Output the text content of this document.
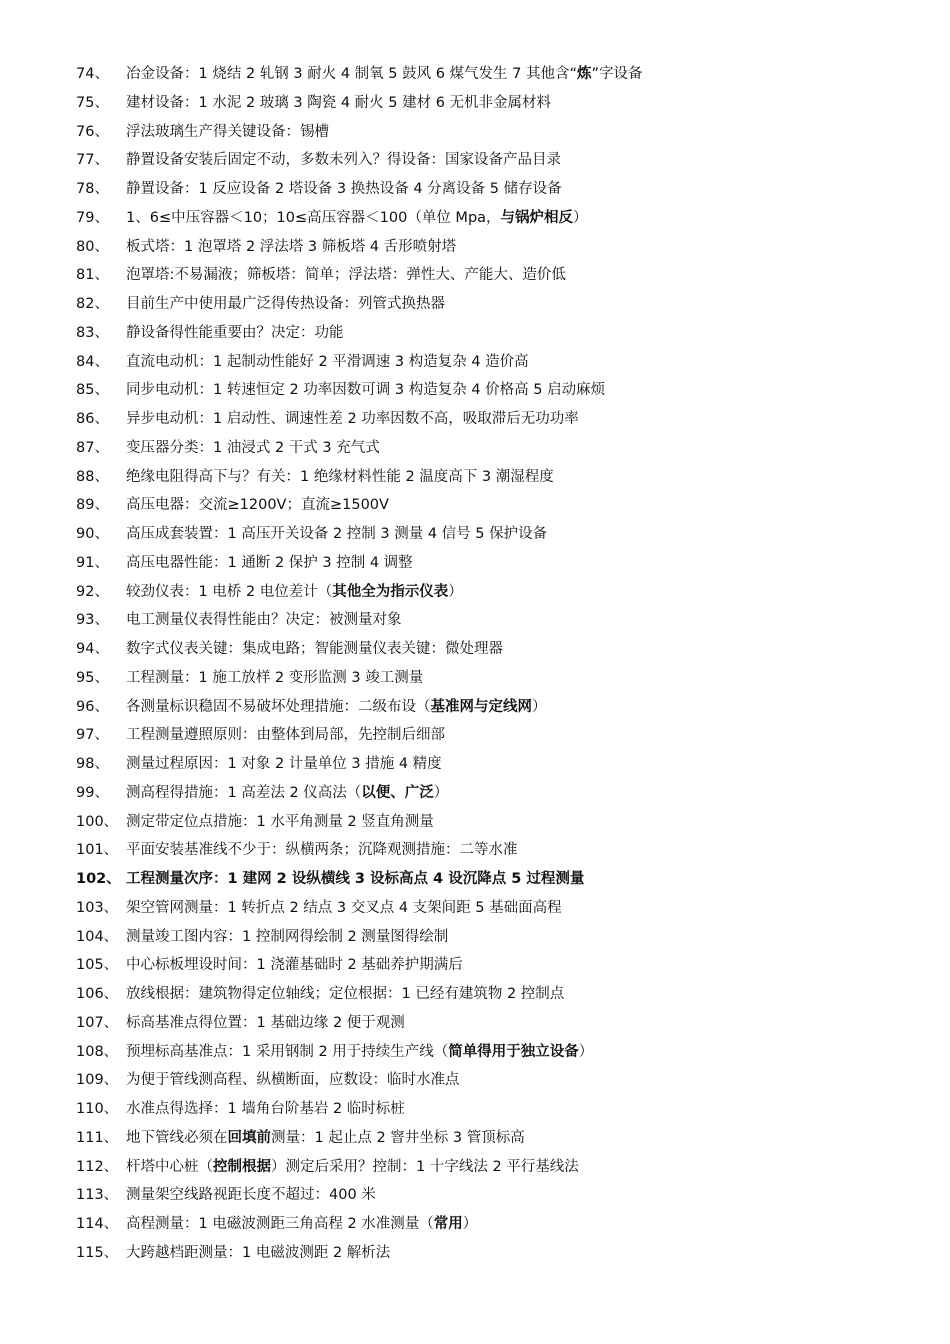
74、	冶金设备：1 烧结 2 轧钢 3 耐火 4 制氧 5 鼓风 6 煤气发生 7 其他含“炼”字设备
75、	建材设备：1 水泥 2 玻璃 3 陶瓷 4 耐火 5 建材 6 无机非金属材料
76、	浮法玻璃生产得关键设备：锡槽
77、	静置设备安装后固定不动，多数未列入？得设备：国家设备产品目录
78、	静置设备：1 反应设备 2 塔设备 3 换热设备 4 分离设备 5 储存设备
79、	1、6≤中压容器＜10；10≤高压容器＜100（单位 Mpa，与锅炉相反）
80、	板式塔：1 泡罩塔 2 浮法塔 3 筛板塔 4 舌形喷射塔
81、	泡罩塔:不易漏液；筛板塔：简单；浮法塔：弹性大、产能大、造价低
82、	目前生产中使用最广泛得传热设备：列管式换热器
83、	静设备得性能重要由？决定：功能
84、	直流电动机：1 起制动性能好 2 平滑调速 3 构造复杂 4 造价高
85、	同步电动机：1 转速恒定 2 功率因数可调 3 构造复杂 4 价格高 5 启动麻烦
86、	异步电动机：1 启动性、调速性差 2 功率因数不高，吸取滞后无功功率
87、	变压器分类：1 油浸式 2 干式 3 充气式
88、	绝缘电阻得高下与？有关：1 绝缘材料性能 2 温度高下 3 潮湿程度
89、	高压电器：交流≥1200V；直流≥1500V
90、	高压成套装置：1 高压开关设备 2 控制 3 测量 4 信号 5 保护设备
91、	高压电器性能：1 通断 2 保护 3 控制 4 调整
92、	较劲仪表：1 电桥 2 电位差计（其他全为指示仪表）
93、	电工测量仪表得性能由？决定：被测量对象
94、	数字式仪表关键：集成电路；智能测量仪表关键：微处理器
95、	工程测量：1 施工放样 2 变形监测 3 竣工测量
96、	各测量标识稳固不易破坏处理措施：二级布设（基准网与定线网）
97、	工程测量遵照原则：由整体到局部，先控制后细部
98、	测量过程原因：1 对象 2 计量单位 3 措施 4 精度
99、	测高程得措施：1 高差法 2 仪高法（以便、广泛）
100、 测定带定位点措施：1 水平角测量 2 竖直角测量
101、 平面安装基准线不少于：纵横两条；沉降观测措施：二等水准
102、 工程测量次序：1 建网 2 设纵横线 3 设标高点 4 设沉降点 5 过程测量
103、 架空管网测量：1 转折点 2 结点 3 交叉点 4 支架间距 5 基础面高程
104、 测量竣工图内容：1 控制网得绘制 2 测量图得绘制
105、 中心标板埋设时间：1 浇灌基础时 2 基础养护期满后
106、 放线根据：建筑物得定位轴线；定位根据：1 已经有建筑物 2 控制点
107、 标高基准点得位置：1 基础边缘 2 便于观测
108、 预埋标高基准点：1 采用钢制 2 用于持续生产线（简单得用于独立设备）
109、 为便于管线测高程、纵横断面，应数设：临时水准点
110、 水准点得选择：1 墙角台阶基岩 2 临时标桩
111、 地下管线必须在回填前测量：1 起止点 2 窨井坐标 3 管顶标高
112、 杆塔中心桩（控制根据）测定后采用？控制：1 十字线法 2 平行基线法
113、 测量架空线路视距长度不超过：400 米
114、 高程测量：1 电磁波测距三角高程 2 水准测量（常用）
115、 大跨越档距测量：1 电磁波测距 2 解析法
